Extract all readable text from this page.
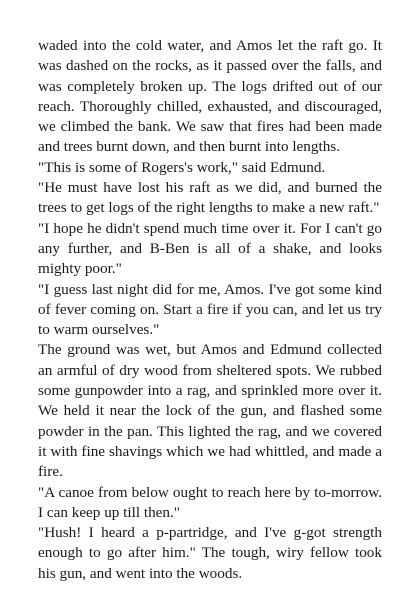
waded into the cold water, and Amos let the raft go. It was dashed on the rocks, as it passed over the falls, and was completely broken up. The logs drifted out of our reach. Thoroughly chilled, exhausted, and discouraged, we climbed the bank. We saw that fires had been made and trees burnt down, and then burnt into lengths.

"This is some of Rogers's work," said Edmund.

"He must have lost his raft as we did, and burned the trees to get logs of the right lengths to make a new raft."

"I hope he didn't spend much time over it. For I can't go any further, and B-Ben is all of a shake, and looks mighty poor."

"I guess last night did for me, Amos. I've got some kind of fever coming on. Start a fire if you can, and let us try to warm ourselves."

The ground was wet, but Amos and Edmund collected an armful of dry wood from sheltered spots. We rubbed some gunpowder into a rag, and sprinkled more over it. We held it near the lock of the gun, and flashed some powder in the pan. This lighted the rag, and we covered it with fine shavings which we had whittled, and made a fire.

"A canoe from below ought to reach here by to-morrow. I can keep up till then."

"Hush! I heard a p-partridge, and I've g-got strength enough to go after him." The tough, wiry fellow took his gun, and went into the woods.
